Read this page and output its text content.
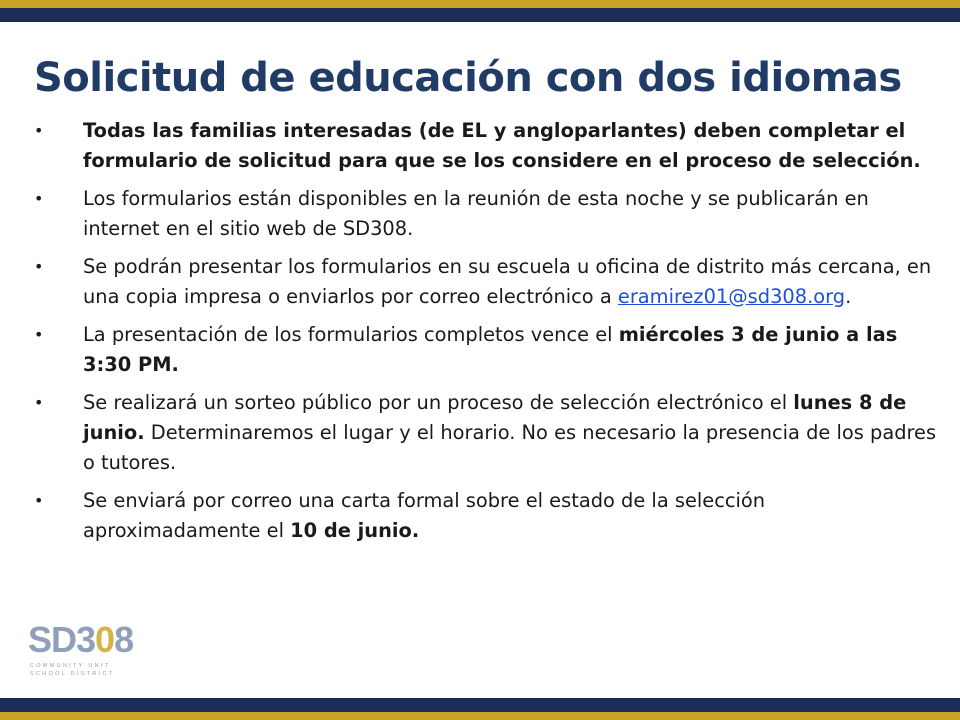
Solicitud de educación con dos idiomas
•	Todas las familias interesadas (de EL y angloparlantes) deben completar el formulario de solicitud para que se los considere en el proceso de selección.
•	Los formularios están disponibles en la reunión de esta noche y se publicarán en internet en el sitio web de SD308.
•	Se podrán presentar los formularios en su escuela u oficina de distrito más cercana, en una copia impresa o enviarlos por correo electrónico a eramirez01@sd308.org.
•	La presentación de los formularios completos vence el miércoles 3 de junio a las 3:30 PM.
•	Se realizará un sorteo público por un proceso de selección electrónico el lunes 8 de junio. Determinaremos el lugar y el horario. No es necesario la presencia de los padres o tutores.
•	Se enviará por correo una carta formal sobre el estado de la selección aproximadamente el 10 de junio.
SD308
COMMUNITY UNIT
SCHOOL DISTRICT
